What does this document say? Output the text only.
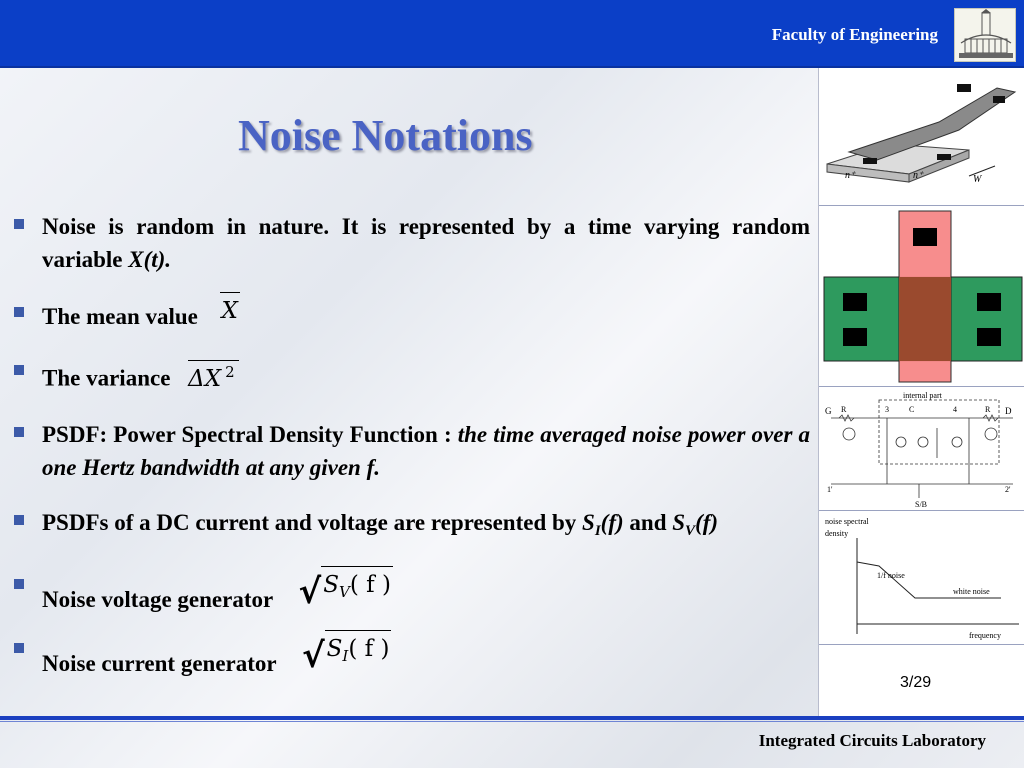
Faculty of Engineering
Noise Notations
Noise is random in nature. It is represented by a time varying random variable X(t).
The mean value X
The variance ΔX $^2$
PSDF: Power Spectral Density Function : the time averaged noise power over a one Hertz bandwidth at any given f.
PSDFs of a DC current and voltage are represented by $S_I(f)$ and $S_V(f)$
Noise voltage generator √ $S_V$( f )
Noise current generator √ $S_I$( f )
n⁺	n⁺	W
internal part
G	D
R	R
3	4
C
1'	2'
S/B
noise spectral
density
1/f noise
white noise
frequency
3/29
Integrated Circuits Laboratory
